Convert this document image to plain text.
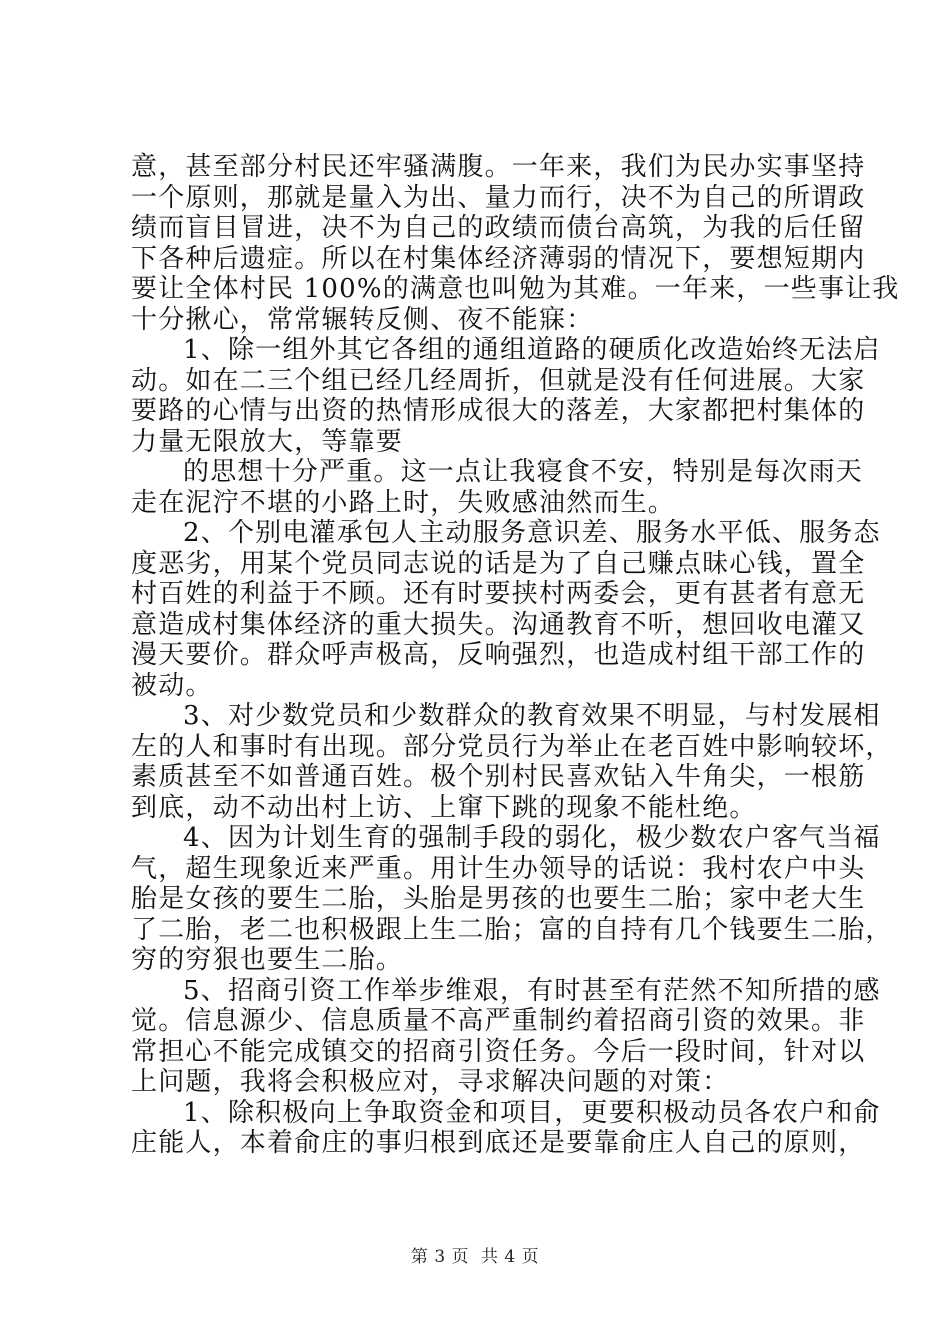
意，甚至部分村民还牢骚满腹。一年来，我们为民办实事坚持

一个原则，那就是量入为出、量力而行，决不为自己的所谓政

绩而盲目冒进，决不为自己的政绩而债台高筑，为我的后任留

下各种后遗症。所以在村集体经济薄弱的情况下，要想短期内

要让全体村民 100%的满意也叫勉为其难。一年来，一些事让我

十分揪心，常常辗转反侧、夜不能寐：

1、除一组外其它各组的通组道路的硬质化改造始终无法启

动。如在二三个组已经几经周折，但就是没有任何进展。大家

要路的心情与出资的热情形成很大的落差，大家都把村集体的

力量无限放大，等靠要

的思想十分严重。这一点让我寝食不安，特别是每次雨天

走在泥泞不堪的小路上时，失败感油然而生。

2、个别电灌承包人主动服务意识差、服务水平低、服务态

度恶劣，用某个党员同志说的话是为了自己赚点昧心钱，置全

村百姓的利益于不顾。还有时要挟村两委会，更有甚者有意无

意造成村集体经济的重大损失。沟通教育不听，想回收电灌又

漫天要价。群众呼声极高，反响强烈，也造成村组干部工作的

被动。

3、对少数党员和少数群众的教育效果不明显，与村发展相

左的人和事时有出现。部分党员行为举止在老百姓中影响较坏，

素质甚至不如普通百姓。极个别村民喜欢钻入牛角尖，一根筋

到底，动不动出村上访、上窜下跳的现象不能杜绝。

4、因为计划生育的强制手段的弱化，极少数农户客气当福

气，超生现象近来严重。用计生办领导的话说：我村农户中头

胎是女孩的要生二胎，头胎是男孩的也要生二胎；家中老大生

了二胎，老二也积极跟上生二胎；富的自持有几个钱要生二胎，

穷的穷狠也要生二胎。

5、招商引资工作举步维艰，有时甚至有茫然不知所措的感

觉。信息源少、信息质量不高严重制约着招商引资的效果。非

常担心不能完成镇交的招商引资任务。今后一段时间，针对以

上问题，我将会积极应对，寻求解决问题的对策：

1、除积极向上争取资金和项目，更要积极动员各农户和俞

庄能人，本着俞庄的事归根到底还是要靠俞庄人自己的原则，

第 3 页 共 4 页
